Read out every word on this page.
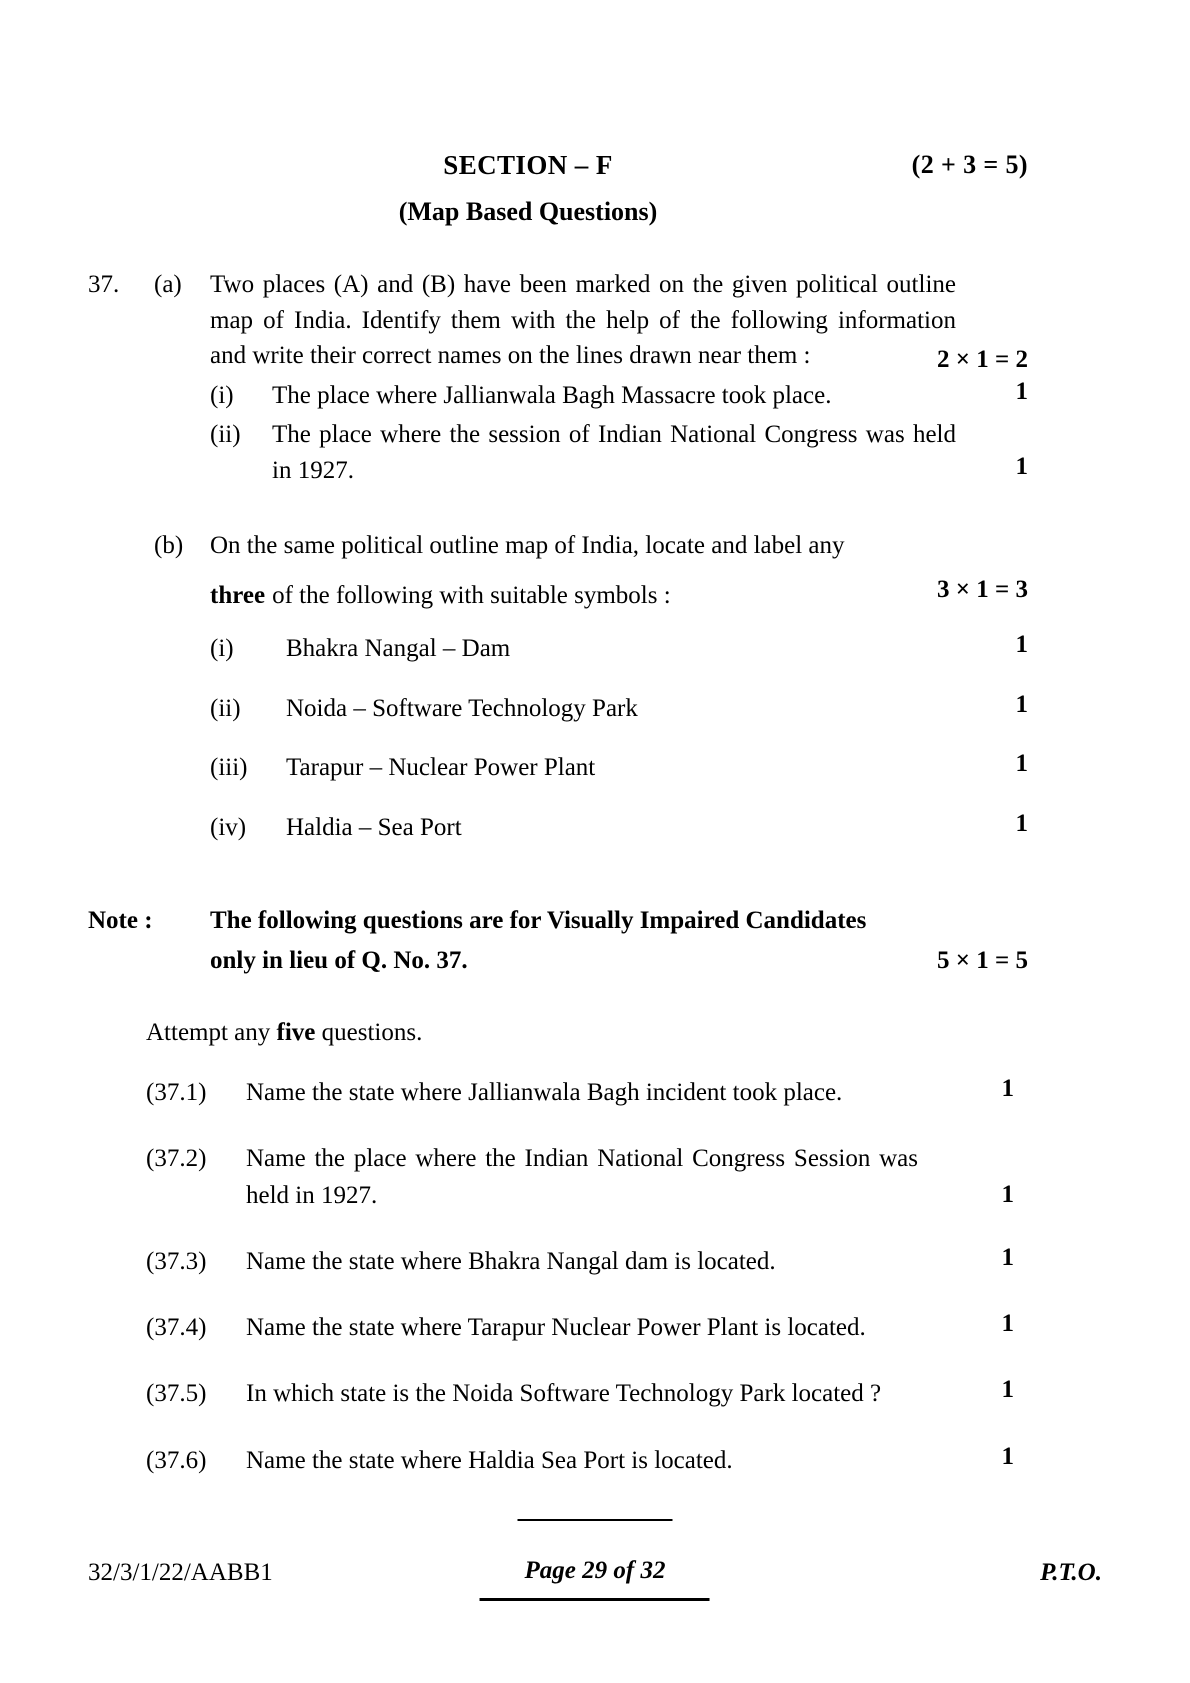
SECTION – F	(2 + 3 = 5)
(Map Based Questions)
37.	(a)	Two places (A) and (B) have been marked on the given political outline map of India. Identify them with the help of the following information and write their correct names on the lines drawn near them :	2 × 1 = 2
(i)	The place where Jallianwala Bagh Massacre took place.	1
(ii)	The place where the session of Indian National Congress was held in 1927.	1
(b)	On the same political outline map of India, locate and label any
three of the following with suitable symbols :	3 × 1 = 3
(i)	Bhakra Nangal – Dam	1
(ii)	Noida – Software Technology Park	1
(iii)	Tarapur – Nuclear Power Plant	1
(iv)	Haldia – Sea Port	1
Note :	The following questions are for Visually Impaired Candidates
only in lieu of Q. No. 37.	5 × 1 = 5
Attempt any five questions.
(37.1)	Name the state where Jallianwala Bagh incident took place.	1
(37.2)	Name the place where the Indian National Congress Session was held in 1927.	1
(37.3)	Name the state where Bhakra Nangal dam is located.	1
(37.4)	Name the state where Tarapur Nuclear Power Plant is located.	1
(37.5)	In which state is the Noida Software Technology Park located ?	1
(37.6)	Name the state where Haldia Sea Port is located.	1
32/3/1/22/AABB1	Page 29 of 32	P.T.O.
